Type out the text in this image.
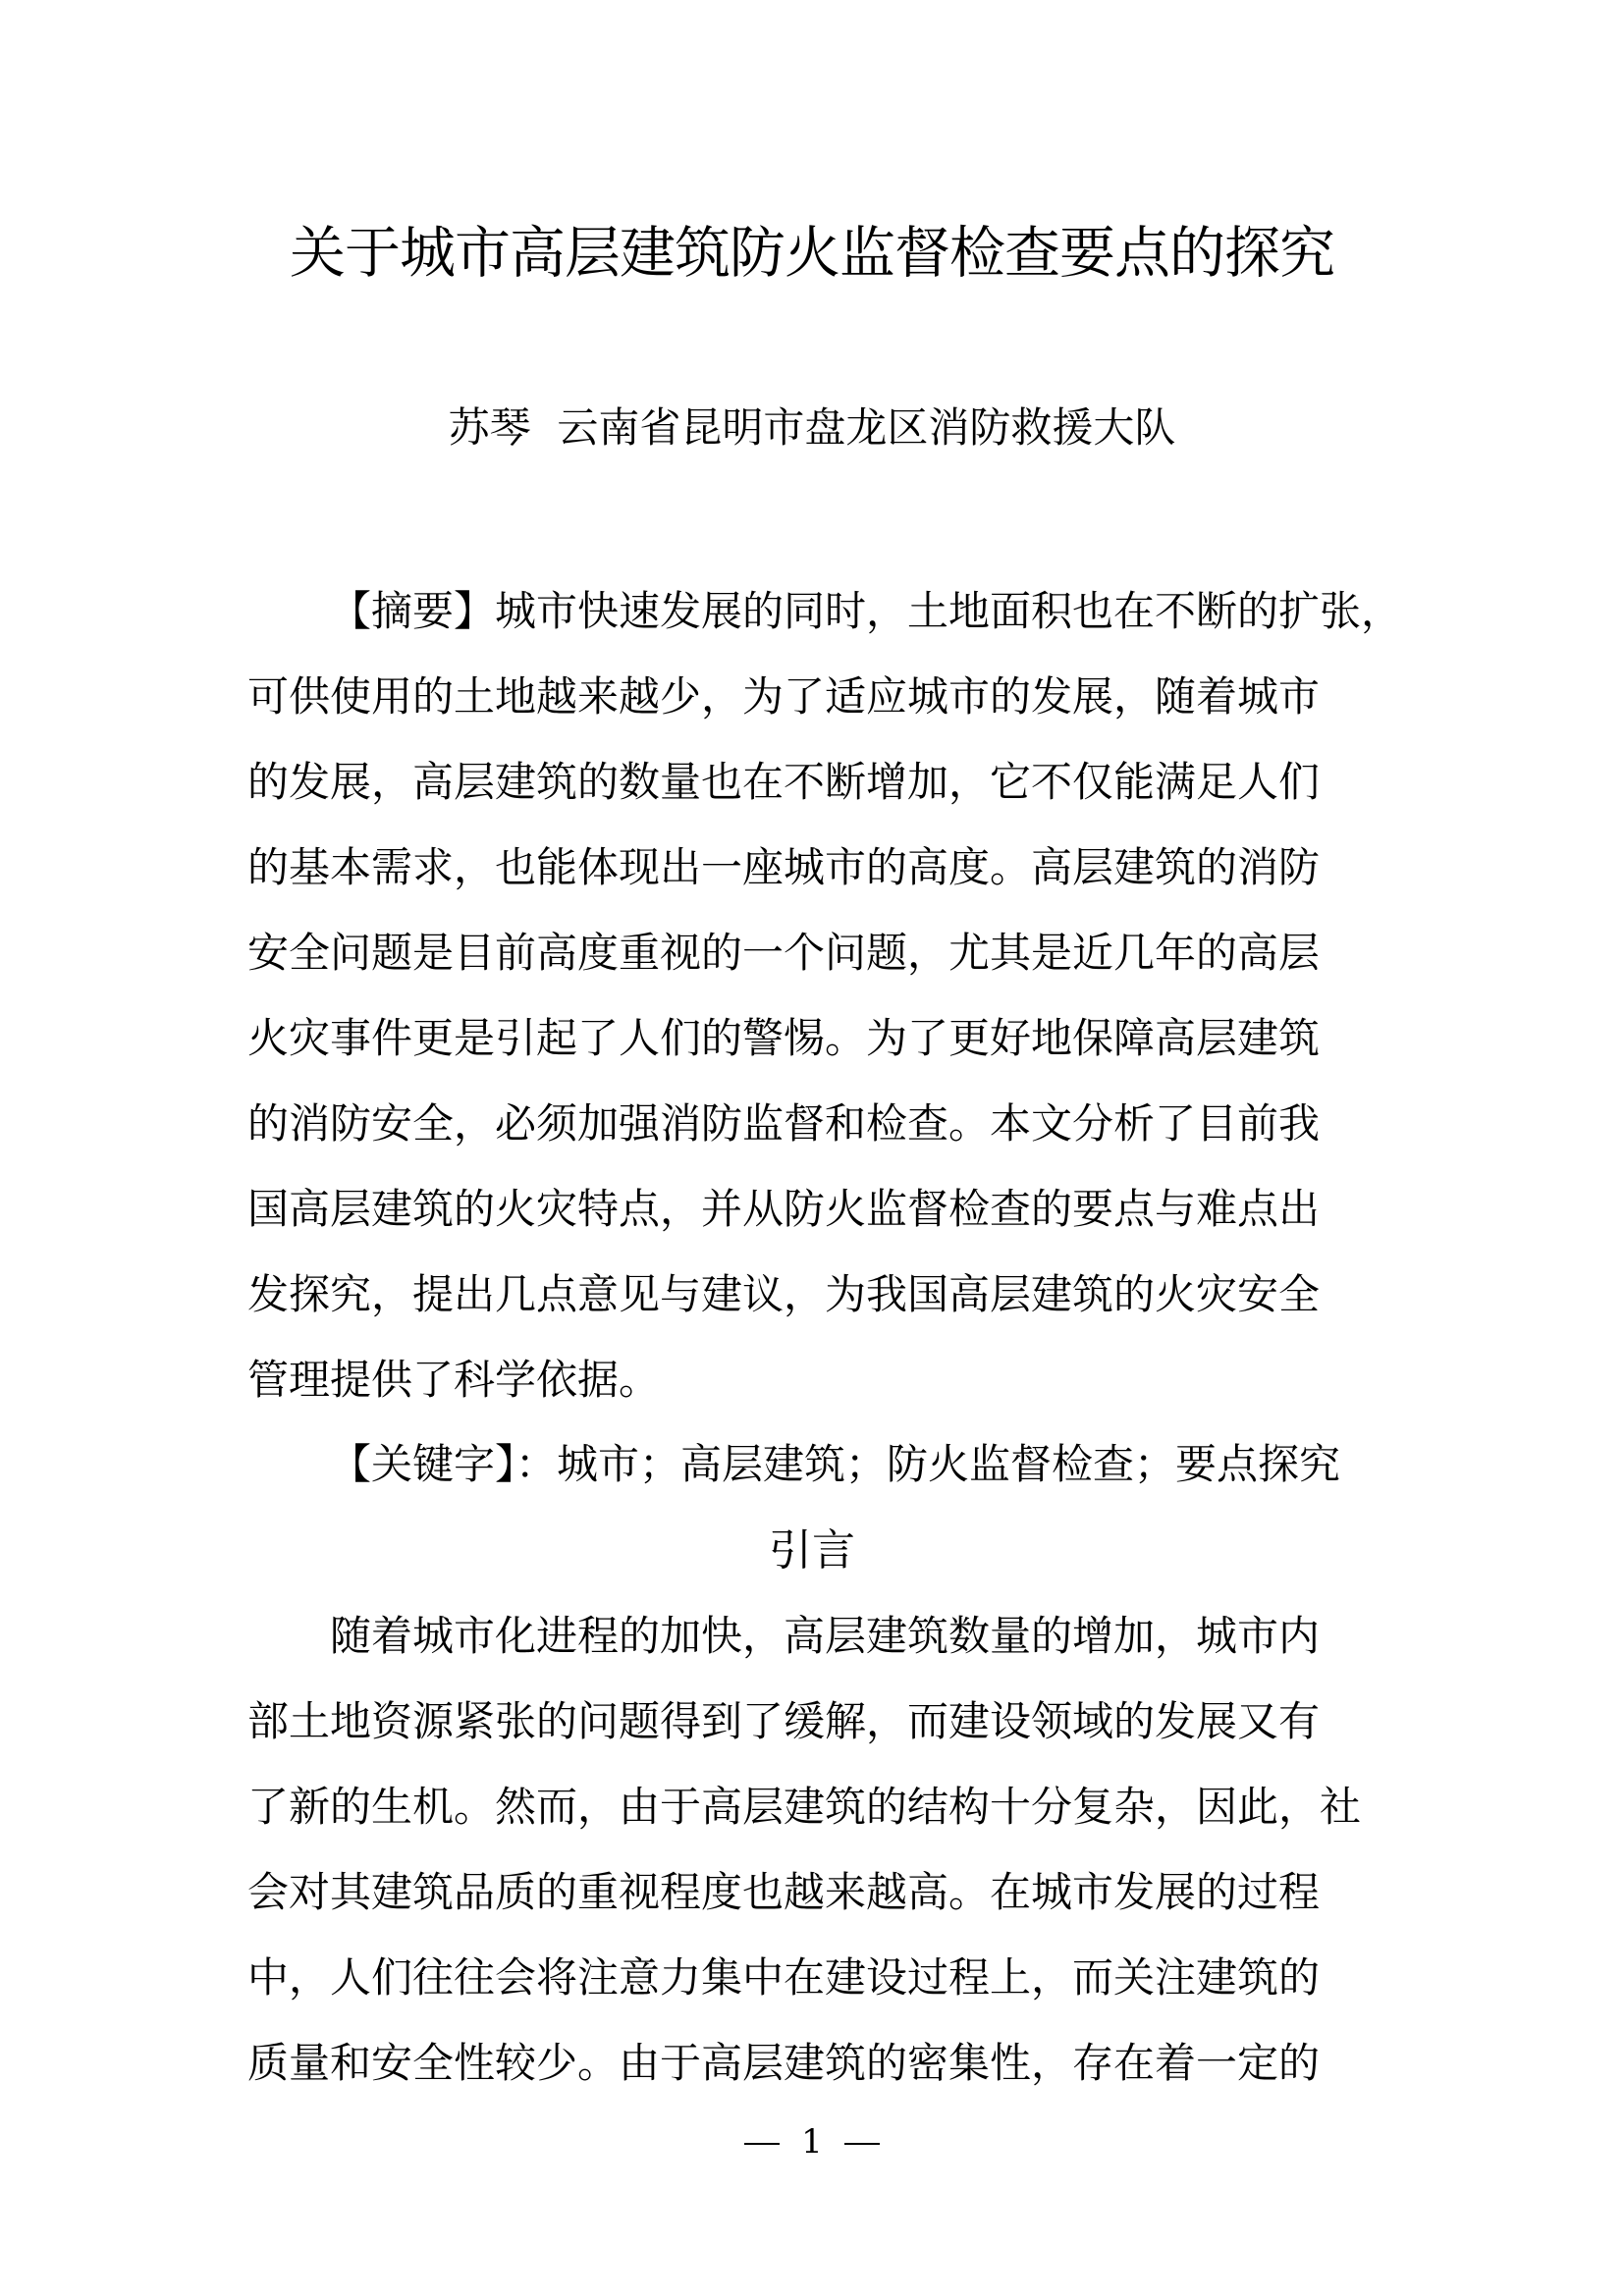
关于城市高层建筑防火监督检查要点的探究
苏琴  云南省昆明市盘龙区消防救援大队
【摘要】城市快速发展的同时，土地面积也在不断的扩张，
可供使用的土地越来越少，为了适应城市的发展，随着城市
的发展，高层建筑的数量也在不断增加，它不仅能满足人们
的基本需求，也能体现出一座城市的高度。高层建筑的消防
安全问题是目前高度重视的一个问题，尤其是近几年的高层
火灾事件更是引起了人们的警惕。为了更好地保障高层建筑
的消防安全，必须加强消防监督和检查。本文分析了目前我
国高层建筑的火灾特点，并从防火监督检查的要点与难点出
发探究，提出几点意见与建议，为我国高层建筑的火灾安全
管理提供了科学依据。
【关键字】：城市；高层建筑；防火监督检查；要点探究
引言
随着城市化进程的加快，高层建筑数量的增加，城市内
部土地资源紧张的问题得到了缓解，而建设领域的发展又有
了新的生机。然而，由于高层建筑的结构十分复杂，因此，社
会对其建筑品质的重视程度也越来越高。在城市发展的过程
中，人们往往会将注意力集中在建设过程上，而关注建筑的
质量和安全性较少。由于高层建筑的密集性，存在着一定的
1
